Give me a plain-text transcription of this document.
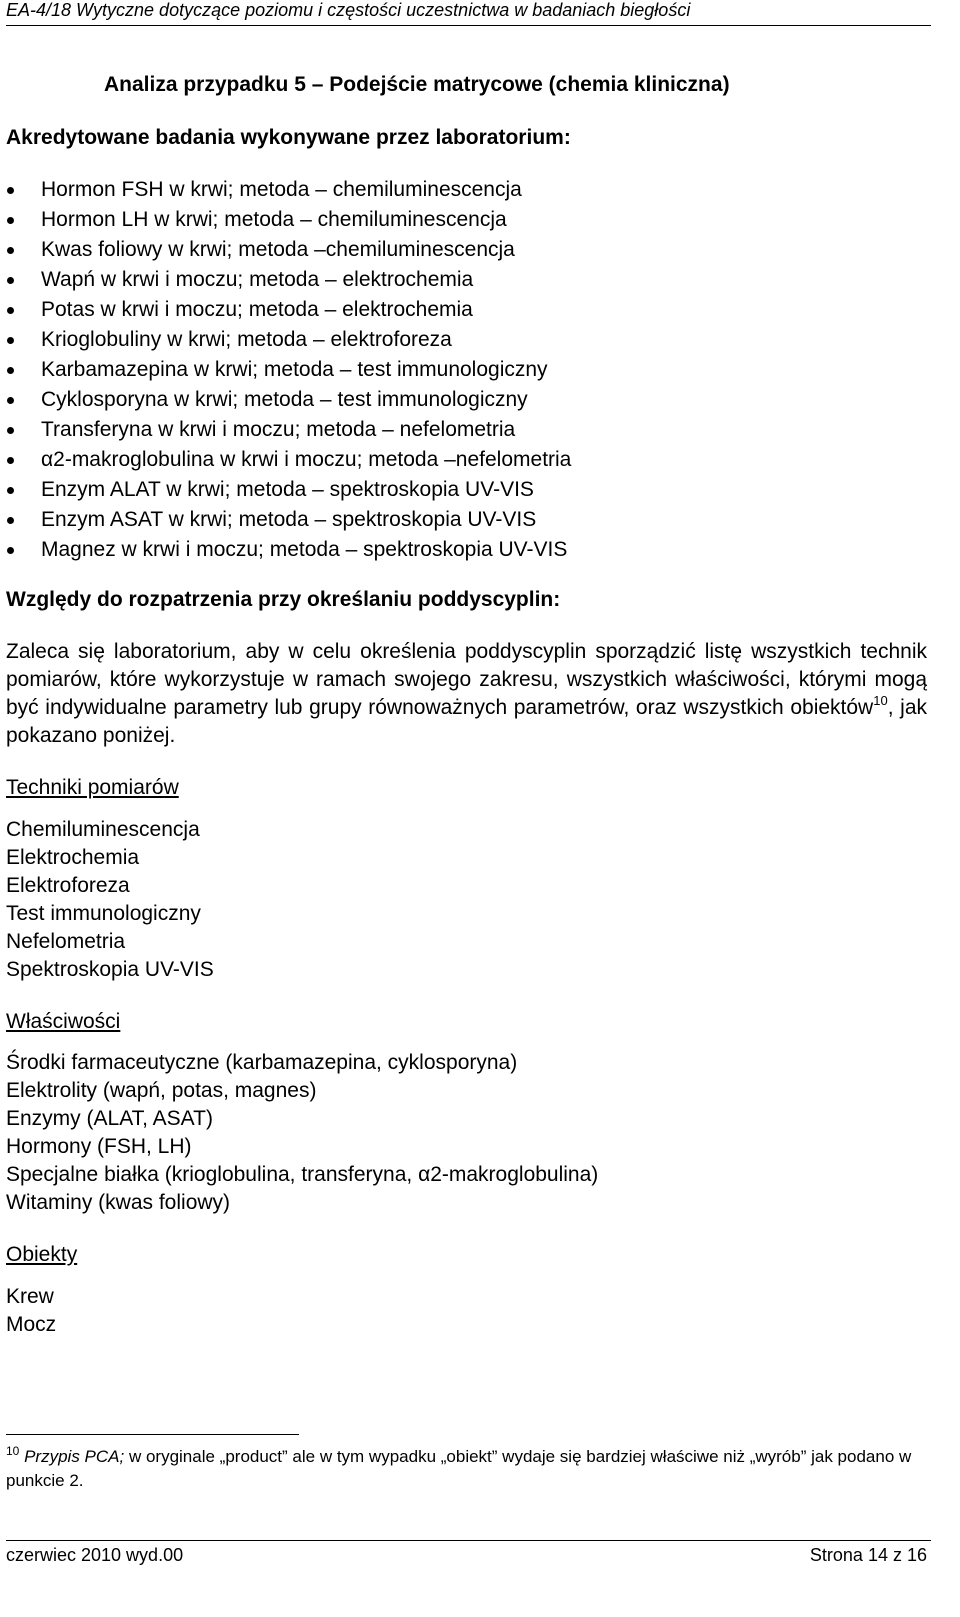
EA-4/18 Wytyczne dotyczące poziomu i częstości uczestnictwa w badaniach biegłości
Analiza przypadku 5 – Podejście matrycowe (chemia kliniczna)
Akredytowane badania wykonywane przez laboratorium:
Hormon FSH w krwi; metoda – chemiluminescencja
Hormon LH w krwi; metoda – chemiluminescencja
Kwas foliowy w krwi; metoda –chemiluminescencja
Wapń w krwi i moczu; metoda – elektrochemia
Potas w krwi i moczu; metoda – elektrochemia
Krioglobuliny w krwi; metoda – elektroforeza
Karbamazepina w krwi; metoda – test immunologiczny
Cyklosporyna w krwi; metoda – test immunologiczny
Transferyna w krwi i moczu; metoda – nefelometria
α2-makroglobulina w krwi i moczu; metoda –nefelometria
Enzym ALAT w krwi; metoda – spektroskopia UV-VIS
Enzym ASAT w krwi; metoda – spektroskopia UV-VIS
Magnez w krwi i moczu; metoda – spektroskopia UV-VIS
Względy do rozpatrzenia przy określaniu poddyscyplin:
Zaleca się laboratorium, aby w celu określenia poddyscyplin sporządzić listę wszystkich technik pomiarów, które wykorzystuje w ramach swojego zakresu, wszystkich właściwości, którymi mogą być indywidualne parametry lub grupy równoważnych parametrów, oraz wszystkich obiektów$^{10}$, jak pokazano poniżej.
Techniki pomiarów
Chemiluminescencja
Elektrochemia
Elektroforeza
Test immunologiczny
Nefelometria
Spektroskopia UV-VIS
Właściwości
Środki farmaceutyczne (karbamazepina, cyklosporyna)
Elektrolity (wapń, potas, magnes)
Enzymy (ALAT, ASAT)
Hormony (FSH, LH)
Specjalne białka (krioglobulina, transferyna, α2-makroglobulina)
Witaminy (kwas foliowy)
Obiekty
Krew
Mocz
$^{10}$ Przypis PCA; w oryginale „product” ale w tym wypadku „obiekt” wydaje się bardziej właściwe niż „wyrób” jak podano w punkcie 2.
czerwiec 2010 wyd.00	Strona 14 z 16
